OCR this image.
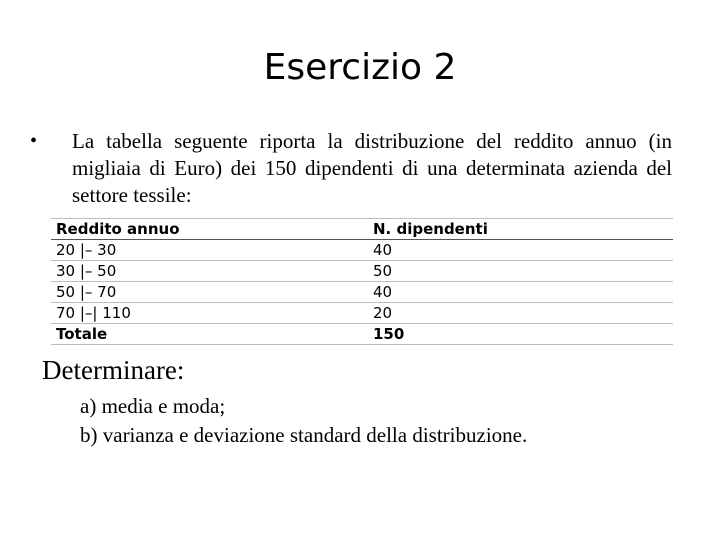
Esercizio 2
• La tabella seguente riporta la distribuzione del reddito annuo (in migliaia di Euro) dei 150 dipendenti di una determinata azienda del settore tessile:
Reddito annuo	N. dipendenti
20 |– 30	40
30 |– 50	50
50 |– 70	40
70 |–| 110	20
Totale	150
Determinare:
a) media e moda;
b) varianza e deviazione standard della distribuzione.
